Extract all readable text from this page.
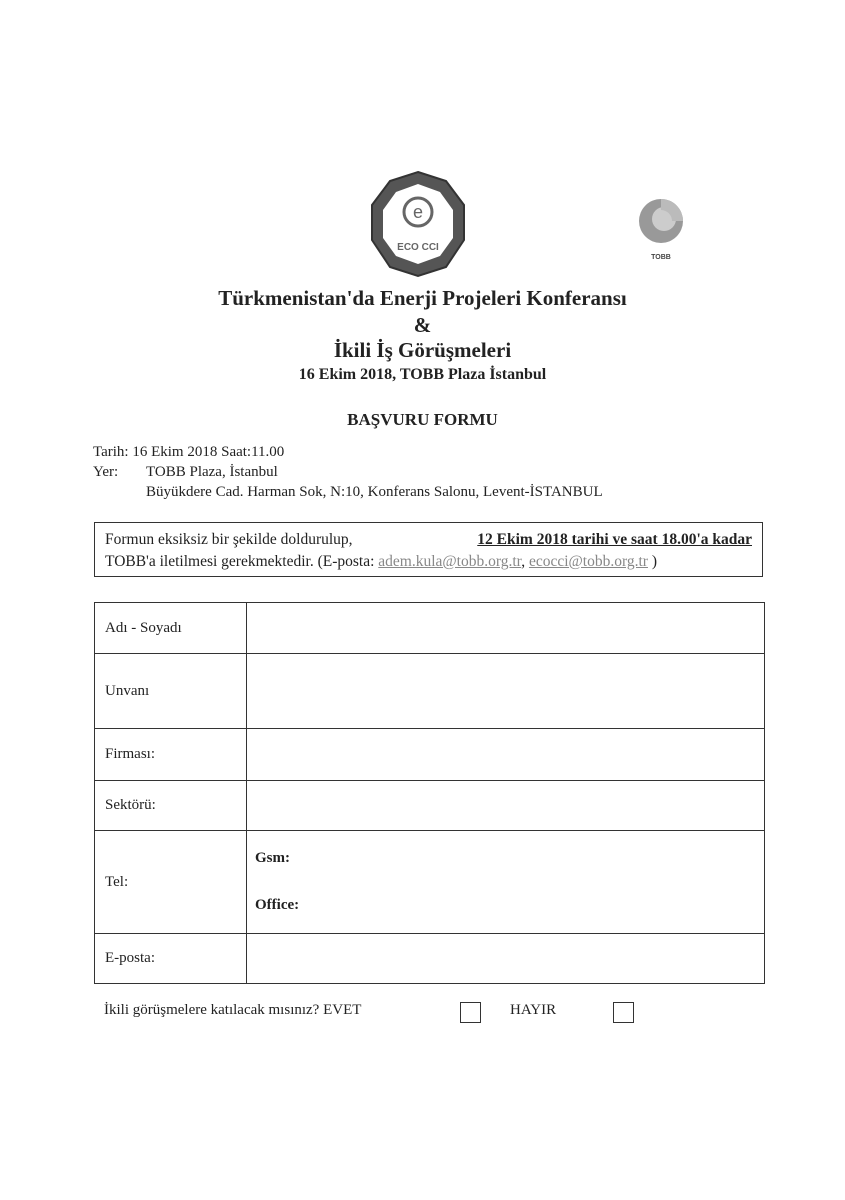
e
ECO CCI
TOBB
Türkmenistan'da Enerji Projeleri Konferansı
&
İkili İş Görüşmeleri
16 Ekim 2018, TOBB Plaza İstanbul
BAŞVURU FORMU
Tarih: 16 Ekim 2018 Saat:11.00
Yer: TOBB Plaza, İstanbul
Büyükdere Cad. Harman Sok, N:10, Konferans Salonu, Levent-İSTANBUL
Formun eksiksiz bir şekilde doldurulup,	12 Ekim 2018 tarihi ve saat 18.00'a kadar
TOBB'a iletilmesi gerekmektedir. (E-posta: adem.kula@tobb.org.tr, ecocci@tobb.org.tr )
Adı - Soyadı	
Unvanı	
Firması:	
Sektörü:	
Tel:	Gsm:
Office:

E-posta:	
İkili görüşmelere katılacak mısınız? EVET	HAYIR
